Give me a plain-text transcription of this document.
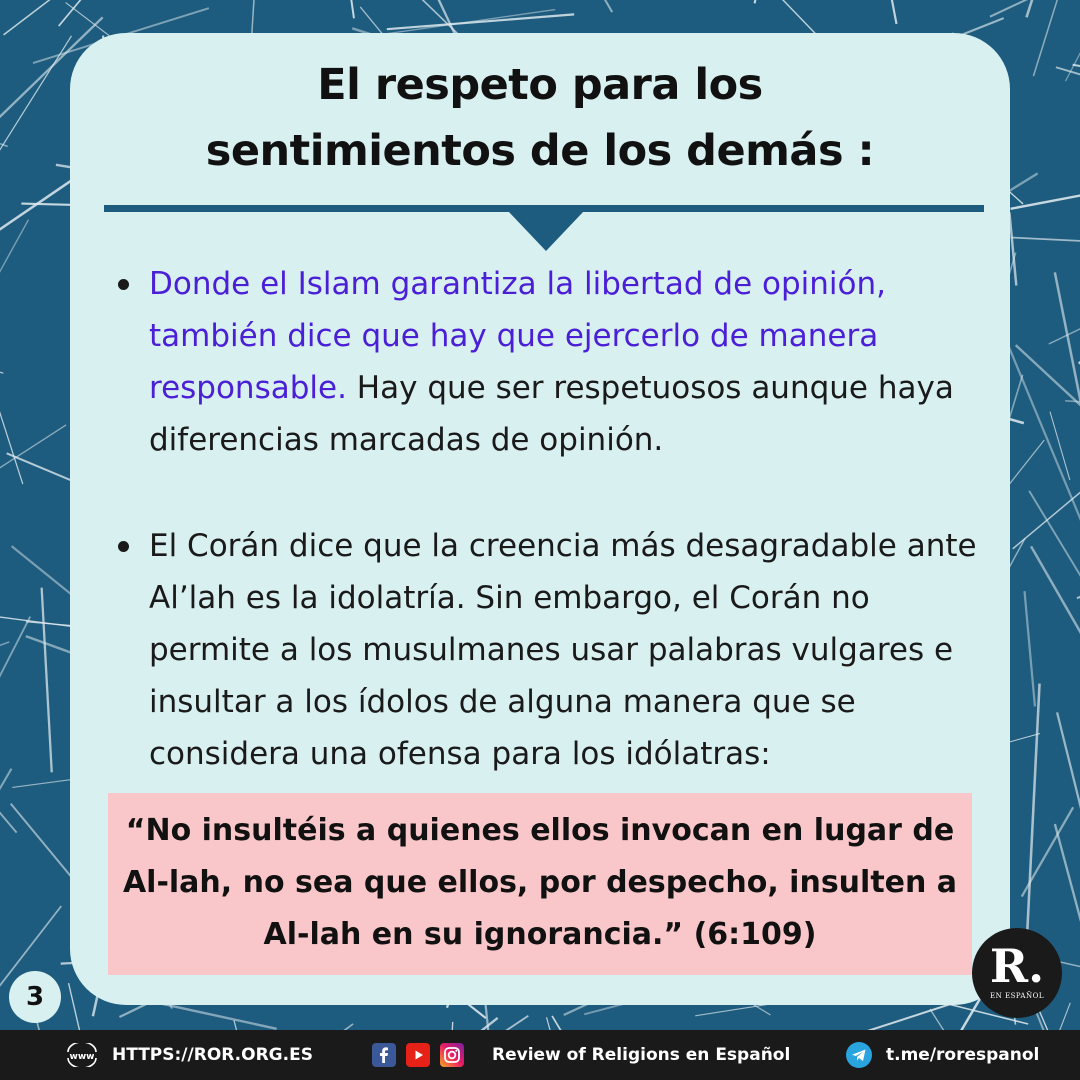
El respeto para los
sentimientos de los demás :
Donde el Islam garantiza la libertad de opinión, también dice que hay que ejercerlo de manera responsable. Hay que ser respetuosos aunque haya diferencias marcadas de opinión.
El Corán dice que la creencia más desagradable ante Al’lah es la idolatría. Sin embargo, el Corán no permite a los musulmanes usar palabras vulgares e insultar a los ídolos de alguna manera que se considera una ofensa para los idólatras:
“No insultéis a quienes ellos invocan en lugar de Al-lah, no sea que ellos, por despecho, insulten a Al-lah en su ignorancia.” (6:109)
3
R.
EN ESPAÑOL
www HTTPS://ROR.ORG.ES	Review of Religions en Español	t.me/rorespanol
